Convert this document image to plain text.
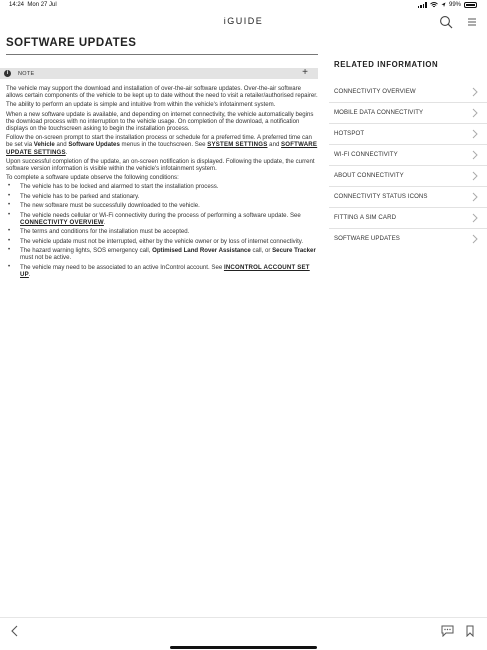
14:24 Mon 27 Jul	99%
iGUIDE
SOFTWARE UPDATES
i	NOTE	+

The vehicle may support the download and installation of over-the-air software updates. Over-the-air software allows certain components of the vehicle to be kept up to date without the need to visit a retailer/authorised repairer.

The ability to perform an update is simple and intuitive from within the vehicle's infotainment system.

When a new software update is available, and depending on internet connectivity, the vehicle automatically begins the download process with no interruption to the vehicle usage. On completion of the download, a notification displays on the touchscreen asking to begin the installation process.

Follow the on-screen prompt to start the installation process or schedule for a preferred time. A preferred time can be set via Vehicle and Software Updates menus in the touchscreen. See SYSTEM SETTINGS and SOFTWARE UPDATE SETTINGS.

Upon successful completion of the update, an on-screen notification is displayed. Following the update, the current software version information is visible within the vehicle's infotainment system.

To complete a software update observe the following conditions:

• The vehicle has to be locked and alarmed to start the installation process.
• The vehicle has to be parked and stationary.
• The new software must be successfully downloaded to the vehicle.
• The vehicle needs cellular or Wi-Fi connectivity during the process of performing a software update. See CONNECTIVITY OVERVIEW.
• The terms and conditions for the installation must be accepted.
• The vehicle update must not be interrupted, either by the vehicle owner or by loss of internet connectivity.
• The hazard warning lights, SOS emergency call, Optimised Land Rover Assistance call, or Secure Tracker must not be active.
• The vehicle may need to be associated to an active InControl account. See INCONTROL ACCOUNT SET UP.
RELATED INFORMATION
CONNECTIVITY OVERVIEW
MOBILE DATA CONNECTIVITY
HOTSPOT
WI-FI CONNECTIVITY
ABOUT CONNECTIVITY
CONNECTIVITY STATUS ICONS
FITTING A SIM CARD
SOFTWARE UPDATES
